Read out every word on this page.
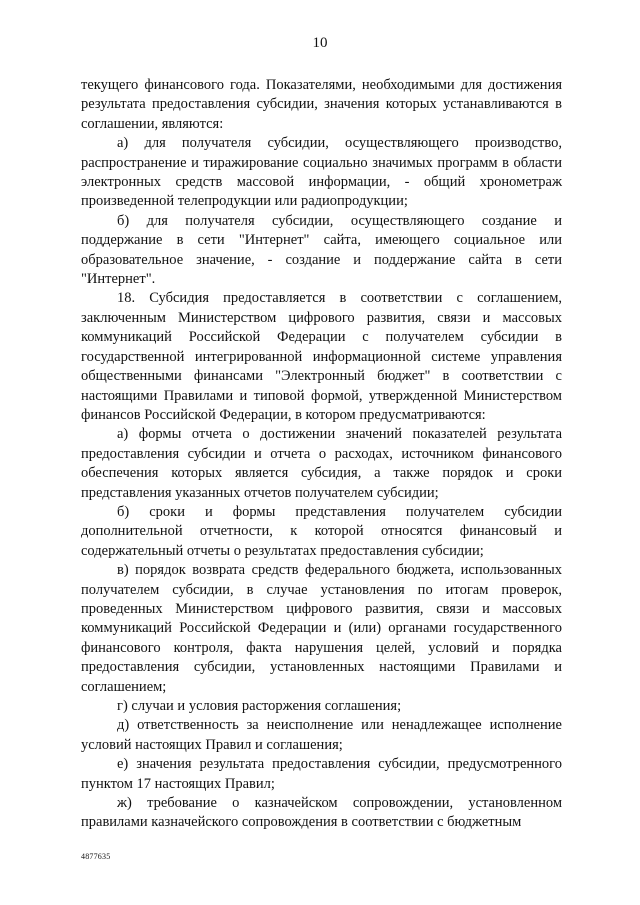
10

текущего финансового года. Показателями, необходимыми для достижения результата предоставления субсидии, значения которых устанавливаются в соглашении, являются:

а) для получателя субсидии, осуществляющего производство, распространение и тиражирование социально значимых программ в области электронных средств массовой информации, - общий хронометраж произведенной телепродукции или радиопродукции;

б) для получателя субсидии, осуществляющего создание и поддержание в сети "Интернет" сайта, имеющего социальное или образовательное значение, - создание и поддержание сайта в сети "Интернет".

18. Субсидия предоставляется в соответствии с соглашением, заключенным Министерством цифрового развития, связи и массовых коммуникаций Российской Федерации с получателем субсидии в государственной интегрированной информационной системе управления общественными финансами "Электронный бюджет" в соответствии с настоящими Правилами и типовой формой, утвержденной Министерством финансов Российской Федерации, в котором предусматриваются:

а) формы отчета о достижении значений показателей результата предоставления субсидии и отчета о расходах, источником финансового обеспечения которых является субсидия, а также порядок и сроки представления указанных отчетов получателем субсидии;

б) сроки и формы представления получателем субсидии дополнительной отчетности, к которой относятся финансовый и содержательный отчеты о результатах предоставления субсидии;

в) порядок возврата средств федерального бюджета, использованных получателем субсидии, в случае установления по итогам проверок, проведенных Министерством цифрового развития, связи и массовых коммуникаций Российской Федерации и (или) органами государственного финансового контроля, факта нарушения целей, условий и порядка предоставления субсидии, установленных настоящими Правилами и соглашением;

г) случаи и условия расторжения соглашения;

д) ответственность за неисполнение или ненадлежащее исполнение условий настоящих Правил и соглашения;

е) значения результата предоставления субсидии, предусмотренного пунктом 17 настоящих Правил;

ж) требование о казначейском сопровождении, установленном правилами казначейского сопровождения в соответствии с бюджетным

4877635
